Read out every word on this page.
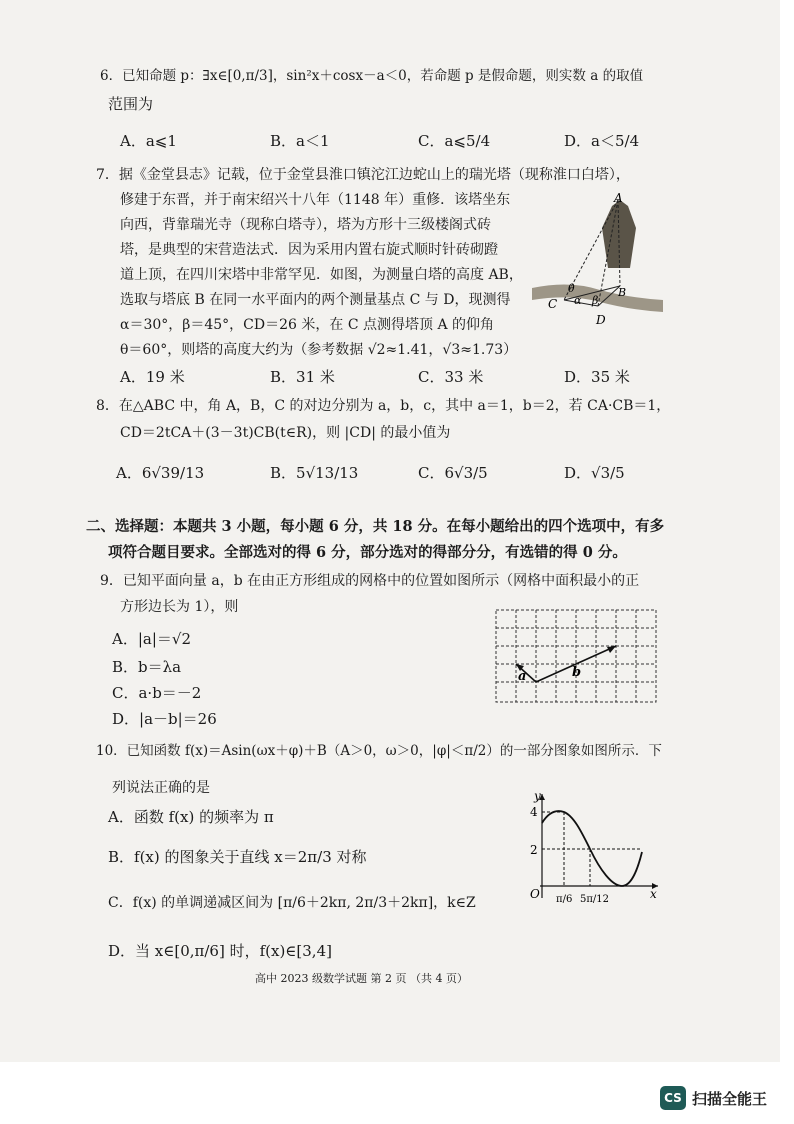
6．已知命题 p：∃x∈[0,π/3]，sin²x＋cosx－a＜0，若命题 p 是假命题，则实数 a 的取值
范围为
A．a⩽1	B．a＜1	C．a⩽5/4	D．a＜5/4
7．据《金堂县志》记载，位于金堂县淮口镇沱江边蛇山上的瑞光塔（现称淮口白塔），
修建于东晋，并于南宋绍兴十八年（1148 年）重修．该塔坐东
向西，背靠瑞光寺（现称白塔寺），塔为方形十三级楼阁式砖
塔，是典型的宋营造法式．因为采用内置右旋式顺时针砖砌蹬
道上顶，在四川宋塔中非常罕见．如图，为测量白塔的高度 AB，
选取与塔底 B 在同一水平面内的两个测量基点 C 与 D，现测得
α＝30°，β＝45°，CD＝26 米，在 C 点测得塔顶 A 的仰角
θ＝60°，则塔的高度大约为（参考数据 √2≈1.41，√3≈1.73）
A
B
C
D
θ
α β
A．19 米	B．31 米	C．33 米	D．35 米
8．在△ABC 中，角 A，B，C 的对边分别为 a，b，c，其中 a＝1，b＝2，若 CA·CB＝1，
CD＝2tCA＋(3－3t)CB(t∈R)，则 |CD| 的最小值为
A．6√39/13	B．5√13/13	C．6√3/5	D．√3/5
二、选择题：本题共 3 小题，每小题 6 分，共 18 分。在每小题给出的四个选项中，有多
项符合题目要求。全部选对的得 6 分，部分选对的得部分分，有选错的得 0 分。
9．已知平面向量 a，b 在由正方形组成的网格中的位置如图所示（网格中面积最小的正
方形边长为 1），则
A．|a|＝√2
B．b＝λa
C．a·b＝－2
D．|a－b|＝26
a	b
10．已知函数 f(x)＝Asin(ωx＋φ)＋B（A＞0，ω＞0，|φ|＜π/2）的一部分图象如图所示．下
列说法正确的是
A．函数 f(x) 的频率为 π
B．f(x) 的图象关于直线 x＝2π/3 对称
C．f(x) 的单调递减区间为 [π/6＋2kπ, 2π/3＋2kπ]，k∈Z
D．当 x∈[0,π/6] 时，f(x)∈[3,4]
y
x
O
4
2
π/6 5π/12
高中 2023 级数学试题 第 2 页 （共 4 页）
CS 扫描全能王
